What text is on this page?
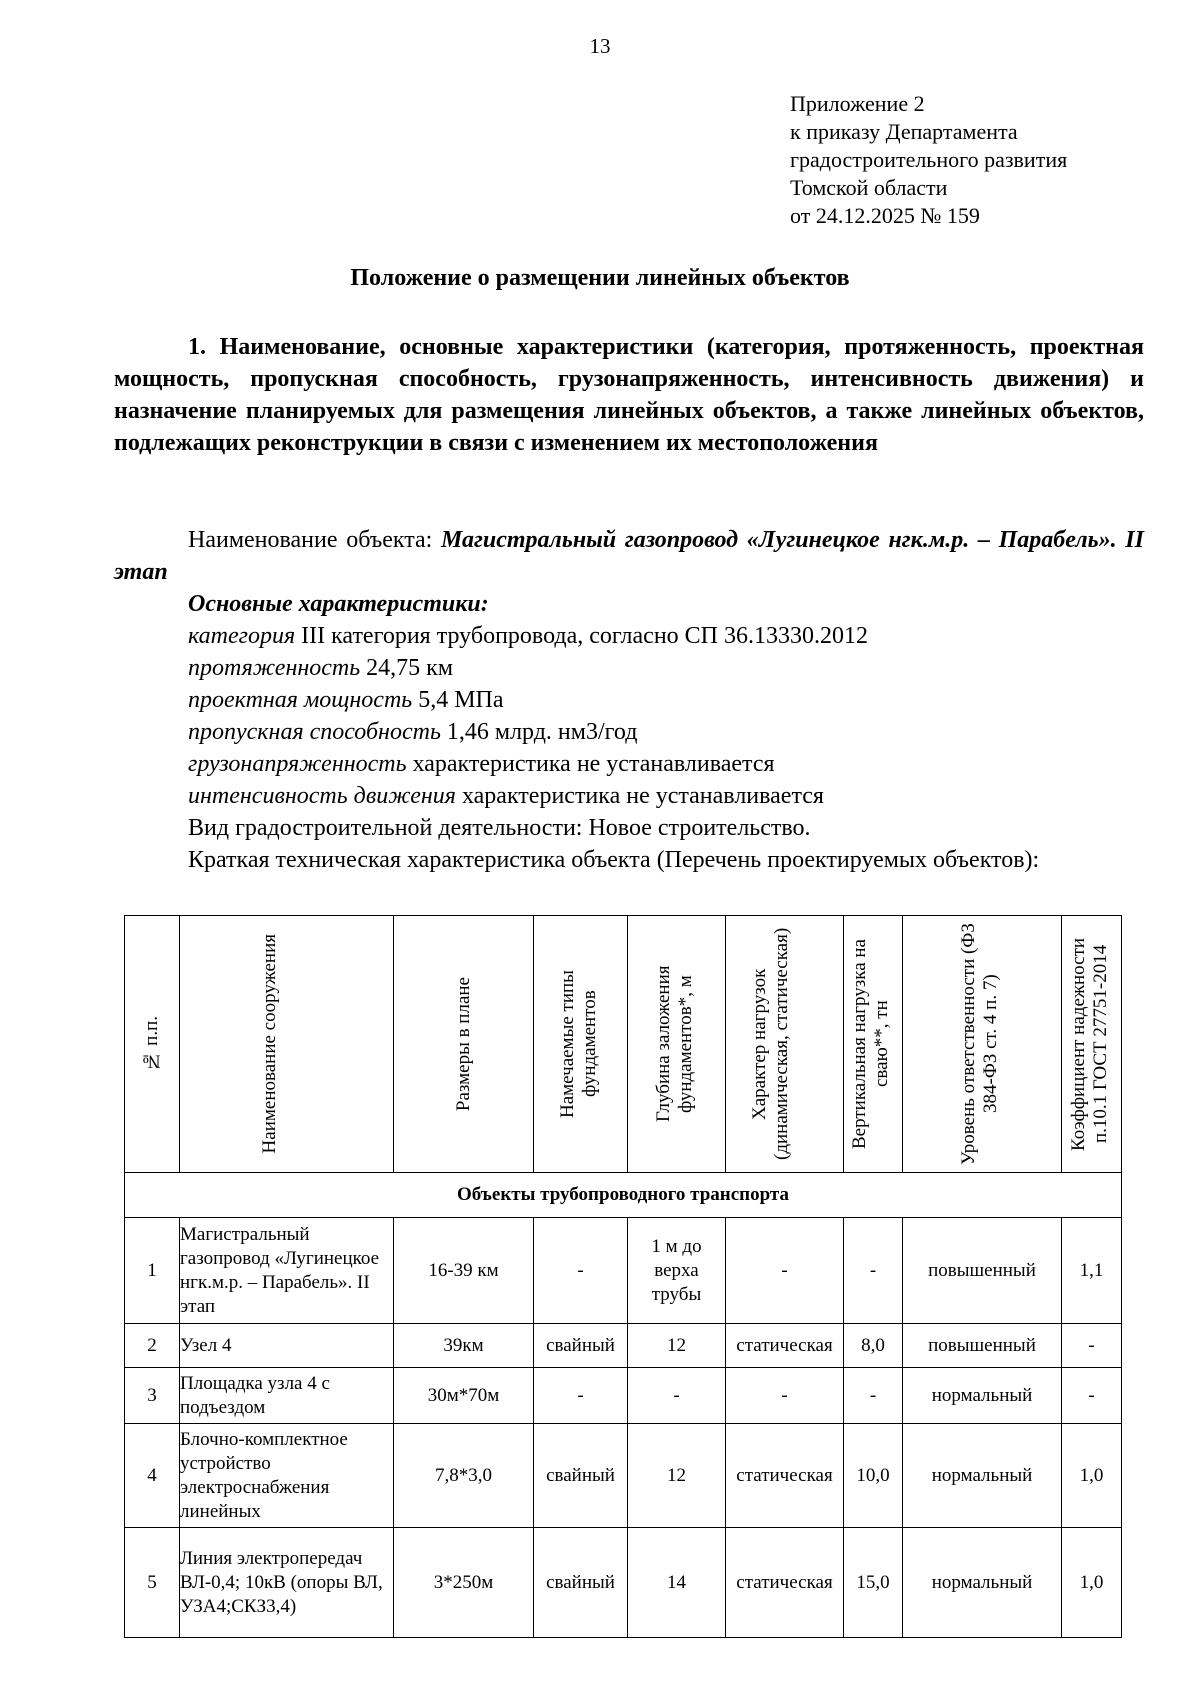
13
Приложение 2
к приказу Департамента
градостроительного развития
Томской области
от 24.12.2025 № 159
Положение о размещении линейных объектов
1. Наименование, основные характеристики (категория, протяженность, проектная мощность, пропускная способность, грузонапряженность, интенсивность движения) и назначение планируемых для размещения линейных объектов, а также линейных объектов, подлежащих реконструкции в связи с изменением их местоположения
Наименование объекта: Магистральный газопровод «Лугинецкое нгк.м.р. – Парабель». II этап
Основные характеристики:
категория III категория трубопровода, согласно СП 36.13330.2012
протяженность 24,75 км
проектная мощность 5,4 МПа
пропускная способность 1,46 млрд. нм3/год
грузонапряженность характеристика не устанавливается
интенсивность движения характеристика не устанавливается
Вид градостроительной деятельности: Новое строительство.
Краткая техническая характеристика объекта (Перечень проектируемых объектов):
№ п.п.	Наименование сооружения	Размеры в плане	Намечаемые типы фундаментов	Глубина заложения фундаментов*, м	Характер нагрузок (динамическая, статическая)	Вертикальная нагрузка на сваю**, тн	Уровень ответственности (ФЗ 384-ФЗ ст. 4 п. 7)	Коэффициент надежности п.10.1 ГОСТ 27751-2014

Объекты трубопроводного транспорта								
1	Магистральный газопровод «Лугинецкое нгк.м.р. – Парабель». II этап	16-39 км	-	1 м до верха трубы	-	-	повышенный	1,1
2	Узел 4	39км	свайный	12	статическая	8,0	повышенный	-
3	Площадка узла 4 с подъездом	30м*70м	-	-	-	-	нормальный	-
4	Блочно-комплектное устройство электроснабжения линейных	7,8*3,0	свайный	12	статическая	10,0	нормальный	1,0
5	Линия электропередач ВЛ-0,4; 10кВ (опоры ВЛ, УЗА4;СКЗ3,4)	3*250м	свайный	14	статическая	15,0	нормальный	1,0
